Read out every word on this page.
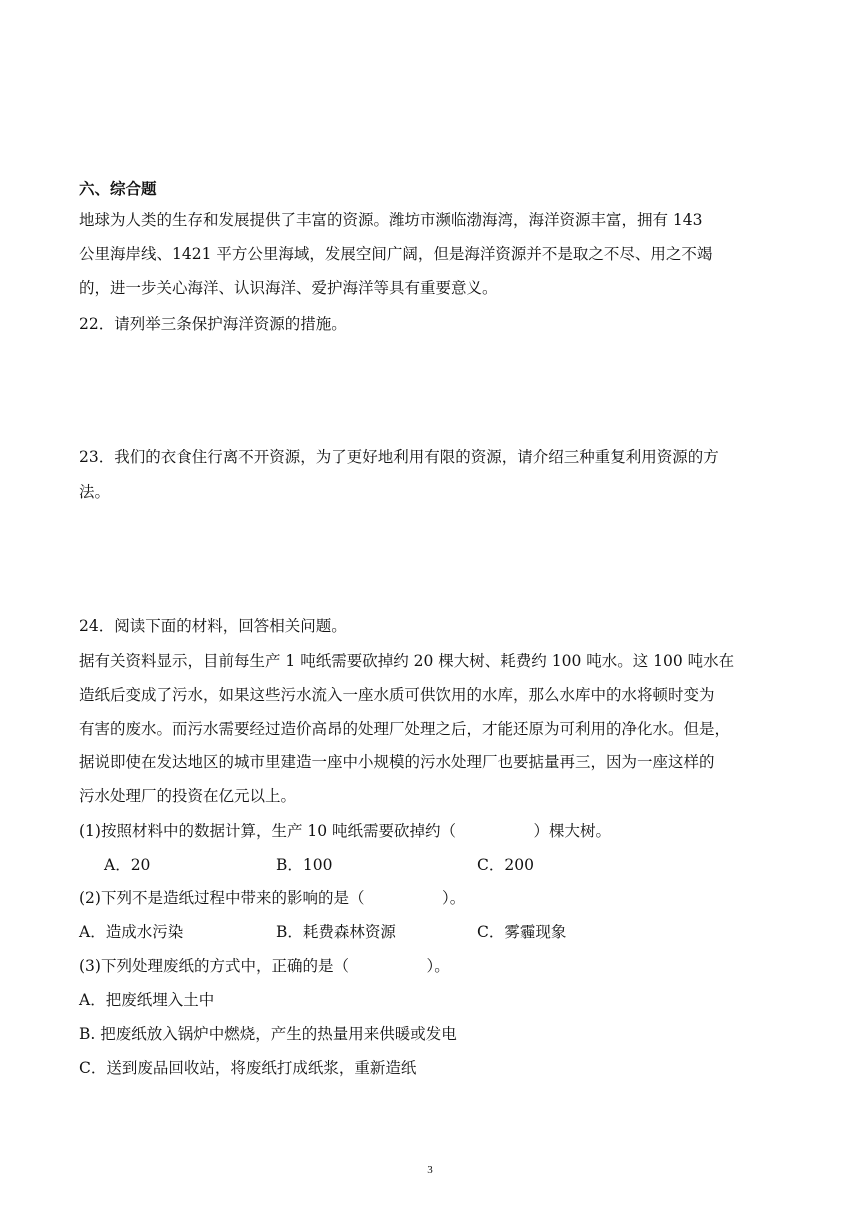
六、综合题
地球为人类的生存和发展提供了丰富的资源。潍坊市濒临渤海湾，海洋资源丰富，拥有 143
公里海岸线、1421 平方公里海域，发展空间广阔，但是海洋资源并不是取之不尽、用之不竭
的，进一步关心海洋、认识海洋、爱护海洋等具有重要意义。
22．请列举三条保护海洋资源的措施。
23．我们的衣食住行离不开资源，为了更好地利用有限的资源，请介绍三种重复利用资源的方
法。
24．阅读下面的材料，回答相关问题。
据有关资料显示，目前每生产 1 吨纸需要砍掉约 20 棵大树、耗费约 100 吨水。这 100 吨水在
造纸后变成了污水，如果这些污水流入一座水质可供饮用的水库，那么水库中的水将顿时变为
有害的废水。而污水需要经过造价高昂的处理厂处理之后，才能还原为可利用的净化水。但是，
据说即使在发达地区的城市里建造一座中小规模的污水处理厂也要掂量再三，因为一座这样的
污水处理厂的投资在亿元以上。
(1)按照材料中的数据计算，生产 10 吨纸需要砍掉约（　　　　　）棵大树。
A．20	B．100	C．200
(2)下列不是造纸过程中带来的影响的是（　　　　　）。
A．造成水污染	B．耗费森林资源	C．雾霾现象
(3)下列处理废纸的方式中，正确的是（　　　　　）。
A．把废纸埋入土中
B. 把废纸放入锅炉中燃烧，产生的热量用来供暖或发电
C．送到废品回收站，将废纸打成纸浆，重新造纸
3
